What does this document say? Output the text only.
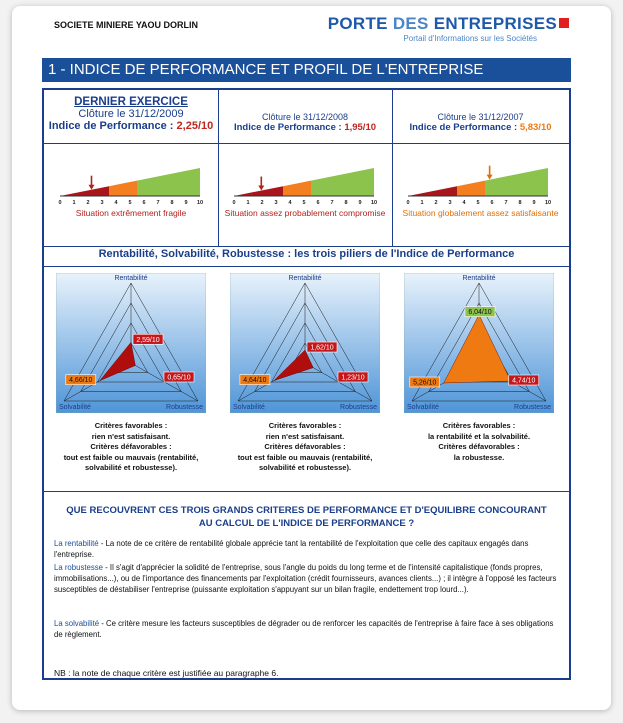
SOCIETE MINIERE YAOU DORLIN	PORTE DES ENTREPRISES
Portail d'Informations sur les Sociétés
1 - INDICE DE PERFORMANCE ET PROFIL DE L'ENTREPRISE
DERNIER EXERCICE
Clôture le 31/12/2009
Indice de Performance : 2,25/10
0 1 2 3 4 5 6 7 8 9 10
Situation extrêmement fragile
Clôture le 31/12/2008
Indice de Performance : 1,95/10
0 1 2 3 4 5 6 7 8 9 10
Situation assez probablement compromise
Clôture le 31/12/2007
Indice de Performance : 5,83/10
0 1 2 3 4 5 6 7 8 9 10
Situation globalement assez satisfaisante
Rentabilité, Solvabilité, Robustesse : les trois piliers de l'Indice de Performance
Rentabilité
Solvabilité	Robustesse
2,59/10
4,66/10	0,65/10
Rentabilité
Solvabilité	Robustesse
1,62/10
4,64/10	1,23/10
Rentabilité
Solvabilité	Robustesse
6,04/10
5,26/10	4,74/10
Critères favorables :
rien n'est satisfaisant.
Critères défavorables :
tout est faible ou mauvais (rentabilité, solvabilité et robustesse).
Critères favorables :
rien n'est satisfaisant.
Critères défavorables :
tout est faible ou mauvais (rentabilité, solvabilité et robustesse).
Critères favorables :
la rentabilité et la solvabilité.
Critères défavorables :
la robustesse.
QUE RECOUVRENT CES TROIS GRANDS CRITERES DE PERFORMANCE ET D'EQUILIBRE CONCOURANT AU CALCUL DE L'INDICE DE PERFORMANCE ?
La rentabilité - La note de ce critère de rentabilité globale apprécie tant la rentabilité de l'exploitation que celle des capitaux engagés dans l'entreprise.
La robustesse - Il s'agit d'apprécier la solidité de l'entreprise, sous l'angle du poids du long terme et de l'intensité capitalistique (fonds propres, immobilisations...), ou de l'importance des financements par l'exploitation (crédit fournisseurs, avances clients...) ; il intègre à l'opposé les facteurs susceptibles de déstabiliser l'entreprise (puissante exploitation s'appuyant sur un bilan fragile, endettement trop lourd...).
La solvabilité - Ce critère mesure les facteurs susceptibles de dégrader ou de renforcer les capacités de l'entreprise à faire face à ses obligations de règlement.
NB : la note de chaque critère est justifiée au paragraphe 6.
